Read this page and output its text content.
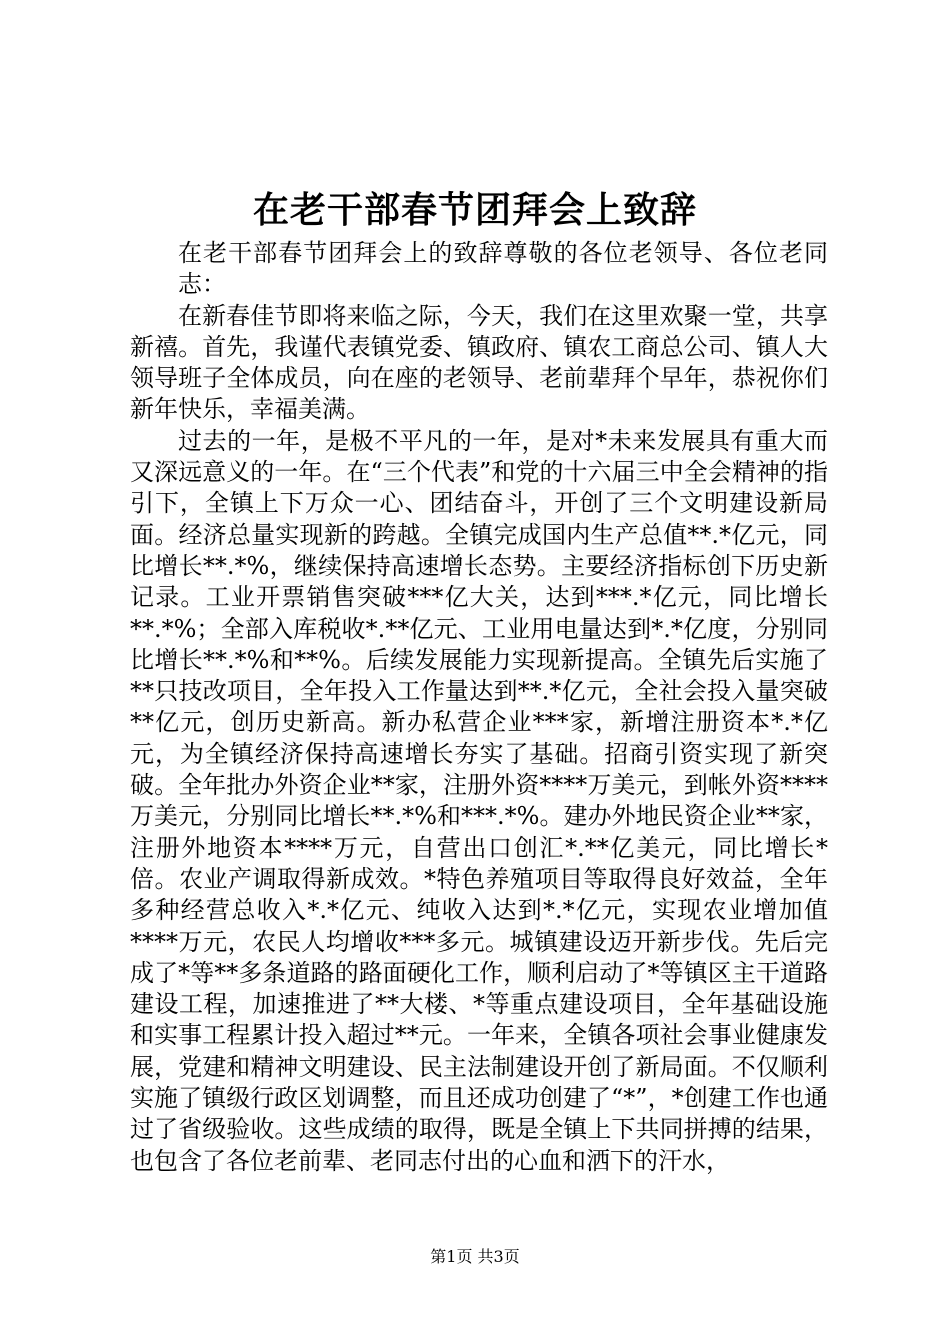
在老干部春节团拜会上致辞

在老干部春节团拜会上的致辞尊敬的各位老领导、各位老同志：

在新春佳节即将来临之际，今天，我们在这里欢聚一堂，共享新禧。首先，我谨代表镇党委、镇政府、镇农工商总公司、镇人大领导班子全体成员，向在座的老领导、老前辈拜个早年，恭祝你们新年快乐，幸福美满。

过去的一年，是极不平凡的一年，是对*未来发展具有重大而又深远意义的一年。在“三个代表”和党的十六届三中全会精神的指引下，全镇上下万众一心、团结奋斗，开创了三个文明建设新局面。经济总量实现新的跨越。全镇完成国内生产总值**.*亿元，同比增长**.*%，继续保持高速增长态势。主要经济指标创下历史新记录。工业开票销售突破***亿大关，达到***.*亿元，同比增长**.*%；全部入库税收*.**亿元、工业用电量达到*.*亿度，分别同比增长**.*%和**%。后续发展能力实现新提高。全镇先后实施了**只技改项目，全年投入工作量达到**.*亿元，全社会投入量突破**亿元，创历史新高。新办私营企业***家，新增注册资本*.*亿元，为全镇经济保持高速增长夯实了基础。招商引资实现了新突破。全年批办外资企业**家，注册外资****万美元，到帐外资****万美元，分别同比增长**.*%和***.*%。建办外地民资企业**家，注册外地资本****万元，自营出口创汇*.**亿美元，同比增长*倍。农业产调取得新成效。*特色养殖项目等取得良好效益，全年多种经营总收入*.*亿元、纯收入达到*.*亿元，实现农业增加值****万元，农民人均增收***多元。城镇建设迈开新步伐。先后完成了*等**多条道路的路面硬化工作，顺利启动了*等镇区主干道路建设工程，加速推进了**大楼、*等重点建设项目，全年基础设施和实事工程累计投入超过**元。一年来，全镇各项社会事业健康发展，党建和精神文明建设、民主法制建设开创了新局面。不仅顺利实施了镇级行政区划调整，而且还成功创建了“*”，*创建工作也通过了省级验收。这些成绩的取得，既是全镇上下共同拼搏的结果，也包含了各位老前辈、老同志付出的心血和洒下的汗水，

第1页 共3页
